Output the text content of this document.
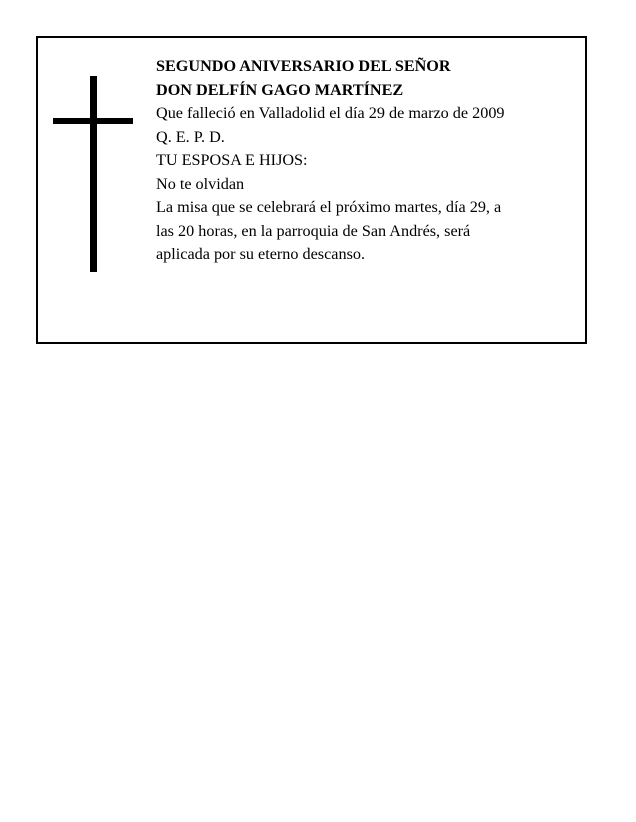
SEGUNDO ANIVERSARIO DEL SEÑOR
DON DELFÍN GAGO MARTÍNEZ
Que falleció en Valladolid el día 29 de marzo de 2009
Q. E. P. D.
TU ESPOSA E HIJOS:
No te olvidan
La misa que se celebrará el próximo martes, día 29, a
las 20 horas, en la parroquia de San Andrés, será
aplicada por su eterno descanso.
